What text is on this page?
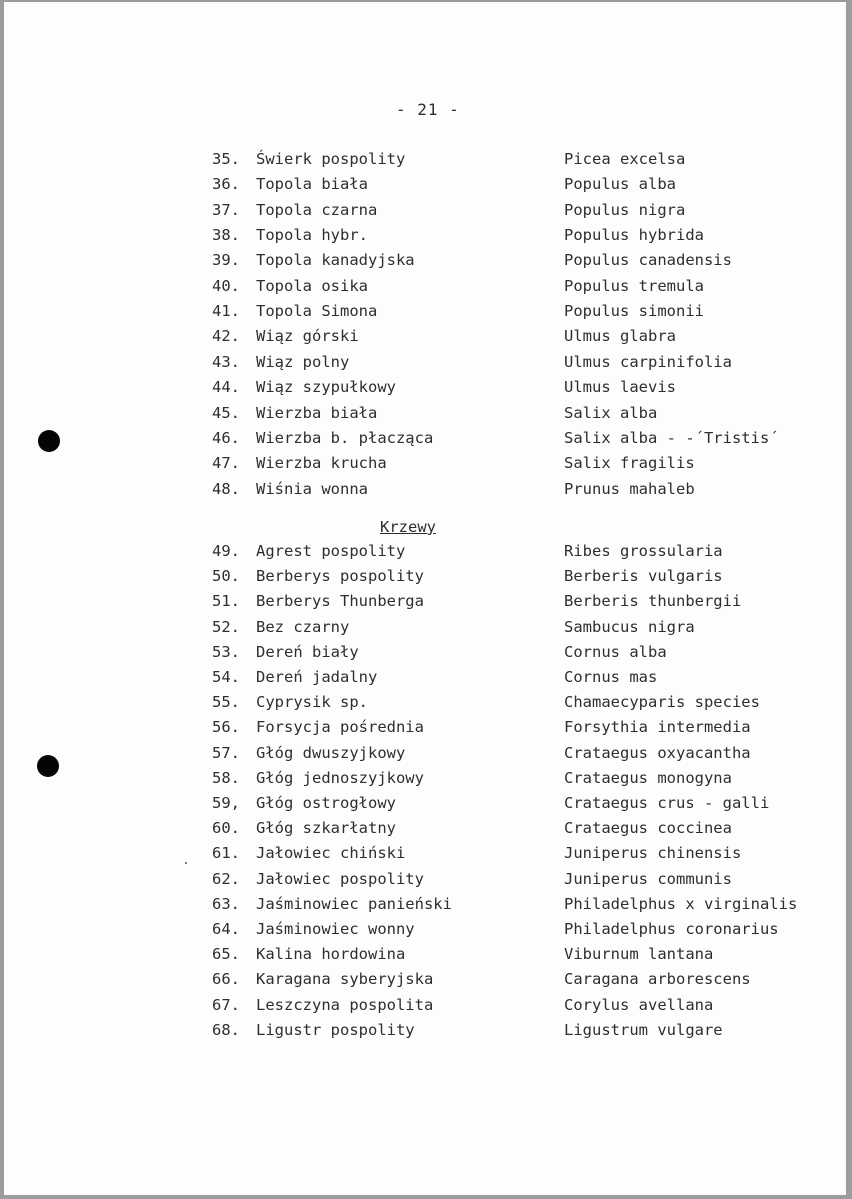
- 21 -
35.	Świerk pospolity	Picea excelsa
36.	Topola biała	Populus alba
37.	Topola czarna	Populus nigra
38.	Topola hybr.	Populus hybrida
39.	Topola kanadyjska	Populus canadensis
40.	Topola osika	Populus tremula
41.	Topola Simona	Populus simonii
42.	Wiąz górski	Ulmus glabra
43.	Wiąz polny	Ulmus carpinifolia
44.	Wiąz szypułkowy	Ulmus laevis
45.	Wierzba biała	Salix alba
46.	Wierzba b. płacząca	Salix alba - -´Tristis´
47.	Wierzba krucha	Salix fragilis
48.	Wiśnia wonna	Prunus mahaleb
Krzewy
49.	Agrest pospolity	Ribes grossularia
50.	Berberys pospolity	Berberis vulgaris
51.	Berberys Thunberga	Berberis thunbergii
52.	Bez czarny	Sambucus nigra
53.	Dereń biały	Cornus alba
54.	Dereń jadalny	Cornus mas
55.	Cyprysik sp.	Chamaecyparis species
56.	Forsycja pośrednia	Forsythia intermedia
57.	Głóg dwuszyjkowy	Crataegus oxyacantha
58.	Głóg jednoszyjkowy	Crataegus monogyna
59,	Głóg ostrogłowy	Crataegus crus - galli
60.	Głóg szkarłatny	Crataegus coccinea
61.	Jałowiec chiński	Juniperus chinensis
62.	Jałowiec pospolity	Juniperus communis
63.	Jaśminowiec panieński	Philadelphus x virginalis
64.	Jaśminowiec wonny	Philadelphus coronarius
65.	Kalina hordowina	Viburnum lantana
66.	Karagana syberyjska	Caragana arborescens
67.	Leszczyna pospolita	Corylus avellana
68.	Ligustr pospolity	Ligustrum vulgare
